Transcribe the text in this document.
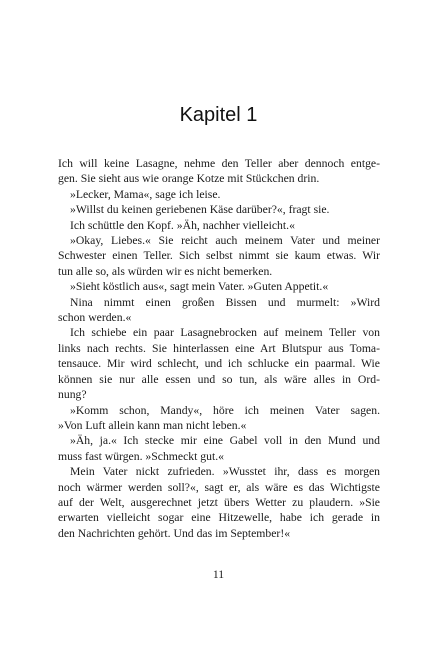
Kapitel 1
Ich will keine Lasagne, nehme den Teller aber dennoch entge-
gen. Sie sieht aus wie orange Kotze mit Stückchen drin.
»Lecker, Mama«, sage ich leise.
»Willst du keinen geriebenen Käse darüber?«, fragt sie.
Ich schüttle den Kopf. »Äh, nachher vielleicht.«
»Okay, Liebes.« Sie reicht auch meinem Vater und meiner
Schwester einen Teller. Sich selbst nimmt sie kaum etwas. Wir
tun alle so, als würden wir es nicht bemerken.
»Sieht köstlich aus«, sagt mein Vater. »Guten Appetit.«
Nina nimmt einen großen Bissen und murmelt: »Wird
schon werden.«
Ich schiebe ein paar Lasagnebrocken auf meinem Teller von
links nach rechts. Sie hinterlassen eine Art Blutspur aus Toma-
tensauce. Mir wird schlecht, und ich schlucke ein paarmal. Wie
können sie nur alle essen und so tun, als wäre alles in Ord-
nung?
»Komm schon, Mandy«, höre ich meinen Vater sagen.
»Von Luft allein kann man nicht leben.«
»Äh, ja.« Ich stecke mir eine Gabel voll in den Mund und
muss fast würgen. »Schmeckt gut.«
Mein Vater nickt zufrieden. »Wusstet ihr, dass es morgen
noch wärmer werden soll?«, sagt er, als wäre es das Wichtigste
auf der Welt, ausgerechnet jetzt übers Wetter zu plaudern. »Sie
erwarten vielleicht sogar eine Hitzewelle, habe ich gerade in
den Nachrichten gehört. Und das im September!«
11
